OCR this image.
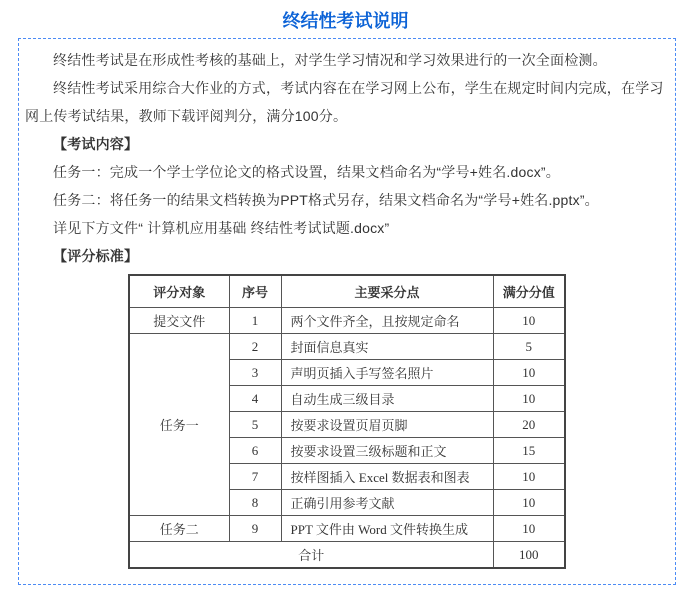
终结性考试说明

终结性考试是在形成性考核的基础上，对学生学习情况和学习效果进行的一次全面检测。

终结性考试采用综合大作业的方式，考试内容在在学习网上公布，学生在规定时间内完成，在学习网上传考试结果，教师下载评阅判分，满分100分。

【考试内容】

任务一：完成一个学士学位论文的格式设置，结果文档命名为“学号+姓名.docx”。

任务二：将任务一的结果文档转换为PPT格式另存，结果文档命名为“学号+姓名.pptx”。

详见下方文件“ 计算机应用基础 终结性考试试题.docx”

【评分标准】

评分对象	序号	主要采分点	满分分值
提交文件	1	两个文件齐全，且按规定命名	10
任务一	2	封面信息真实	5
	3	声明页插入手写签名照片	10
	4	自动生成三级目录	10
	5	按要求设置页眉页脚	20
	6	按要求设置三级标题和正文	15
	7	按样图插入 Excel 数据表和图表	10
	8	正确引用参考文献	10
任务二	9	PPT 文件由 Word 文件转换生成	10
合计			100
